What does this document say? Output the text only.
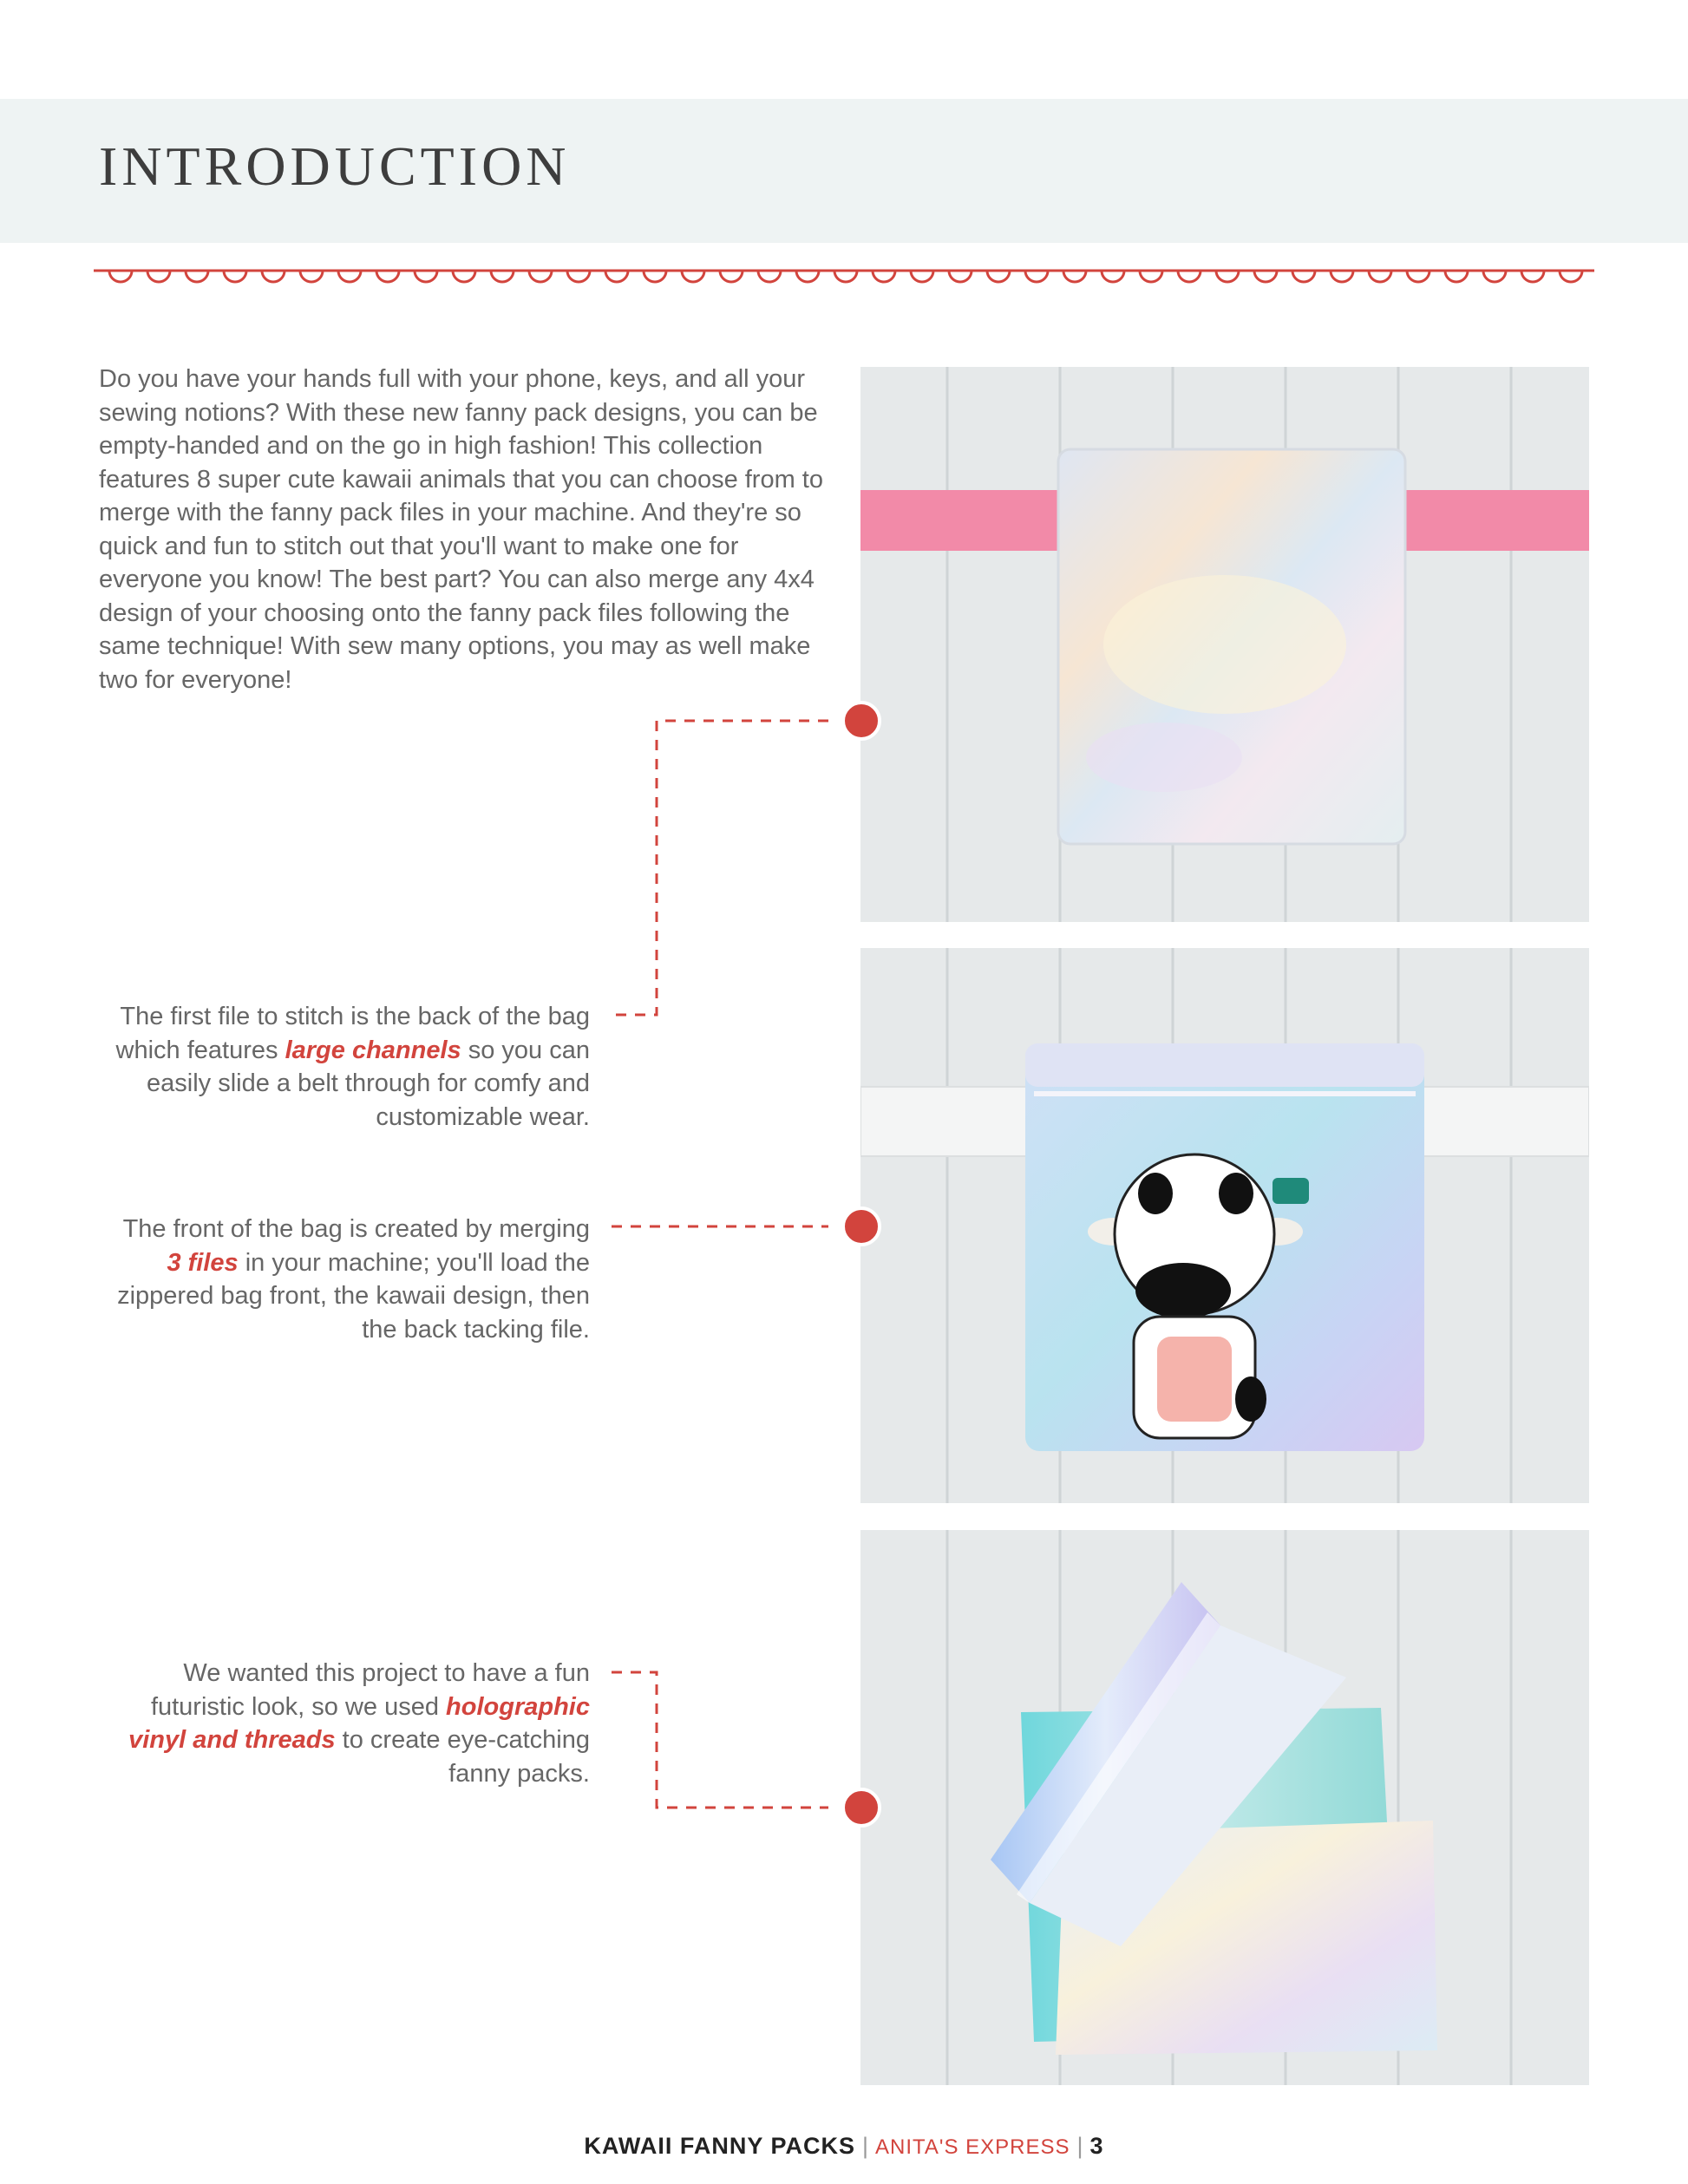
INTRODUCTION

Do you have your hands full with your phone, keys, and all your sewing notions? With these new fanny pack designs, you can be empty-handed and on the go in high fashion! This collection features 8 super cute kawaii animals that you can choose from to merge with the fanny pack files in your machine. And they're so quick and fun to stitch out that you'll want to make one for everyone you know! The best part? You can also merge any 4x4 design of your choosing onto the fanny pack files following the same technique! With sew many options, you may as well make two for everyone!

The first file to stitch is the back of the bag which features large channels so you can easily slide a belt through for comfy and customizable wear.

The front of the bag is created by merging 3 files in your machine; you'll load the zippered bag front, the kawaii design, then the back tacking file.

We wanted this project to have a fun futuristic look, so we used holographic vinyl and threads to create eye-catching fanny packs.

KAWAII FANNY PACKS | ANITA'S EXPRESS | 3
